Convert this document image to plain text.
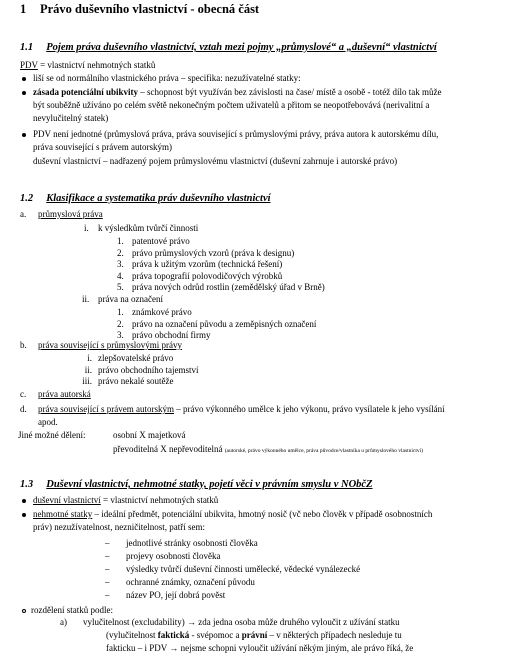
1 Právo duševního vlastnictví - obecná část
1.1 Pojem práva duševního vlastnictví, vztah mezi pojmy „průmyslové“ a „duševní“ vlastnictví
PDV = vlastnictví nehmotných statků
liší se od normálního vlastnického práva – specifika: nezužívatelné statky:
zásada potenciální ubikvity – schopnost být využíván bez závislosti na čase/ místě a osobě - totéž dílo tak může
být souběžně užíváno po celém světě nekonečným počtem uživatelů a přitom se neopotřebovává (nerivalitní a
nevylučitelný statek)
PDV není jednotné (průmyslová práva, práva související s průmyslovými právy, práva autora k autorskému dílu,
práva související s právem autorským)
duševní vlastnictví – nadřazený pojem průmyslovému vlastnictví (duševní zahrnuje i autorské právo)
1.2 Klasifikace a systematika práv duševního vlastnictví
a. průmyslová práva
i. k výsledkům tvůrčí činnosti
1. patentové právo
2. právo průmyslových vzorů (práva k designu)
3. práva k užitým vzorům (technická řešení)
4. práva topografií polovodičových výrobků
5. práva nových odrůd rostlin (zemědělský úřad v Brně)
ii. práva na označení
1. známkové právo
2. právo na označení původu a zeměpisných označení
3. právo obchodní firmy
b. práva související s průmyslovými právy
i. zlepšovatelské právo
ii. právo obchodního tajemství
iii. právo nekalé soutěže
c. práva autorská
d. práva související s právem autorským – právo výkonného umělce k jeho výkonu, právo vysílatele k jeho vysílání
apod.
Jiné možné dělení:	osobní X majetková
převoditelná X nepřevoditelná (autorské, právo výkonného umělce, práva původce/vlastníka u průmyslového vlastnictví)
1.3 Duševní vlastnictví, nehmotné statky, pojetí věci v právním smyslu v NObčZ
duševní vlastnictví = vlastnictví nehmotných statků
nehmotné statky – ideální předmět, potenciální ubikvita, hmotný nosič (vč nebo člověk v případě osobnostních
práv) nezužívatelnost, nezničitelnost, patří sem:
– jednotlivé stránky osobnosti člověka
– projevy osobnosti člověka
– výsledky tvůrčí duševní činnosti umělecké, vědecké vynálezecké
– ochranné známky, označení původu
– název PO, její dobrá pověst
rozdělení statků podle:
a) vylučitelnost (excludability) → zda jedna osoba může druhého vyloučit z užívání statku
(vylučitelnost faktická - svépomoc a právní – v některých případech nesleduje tu
fakticku – i PDV → nejsme schopni vyloučit užívání někým jiným, ale právo říká, že
